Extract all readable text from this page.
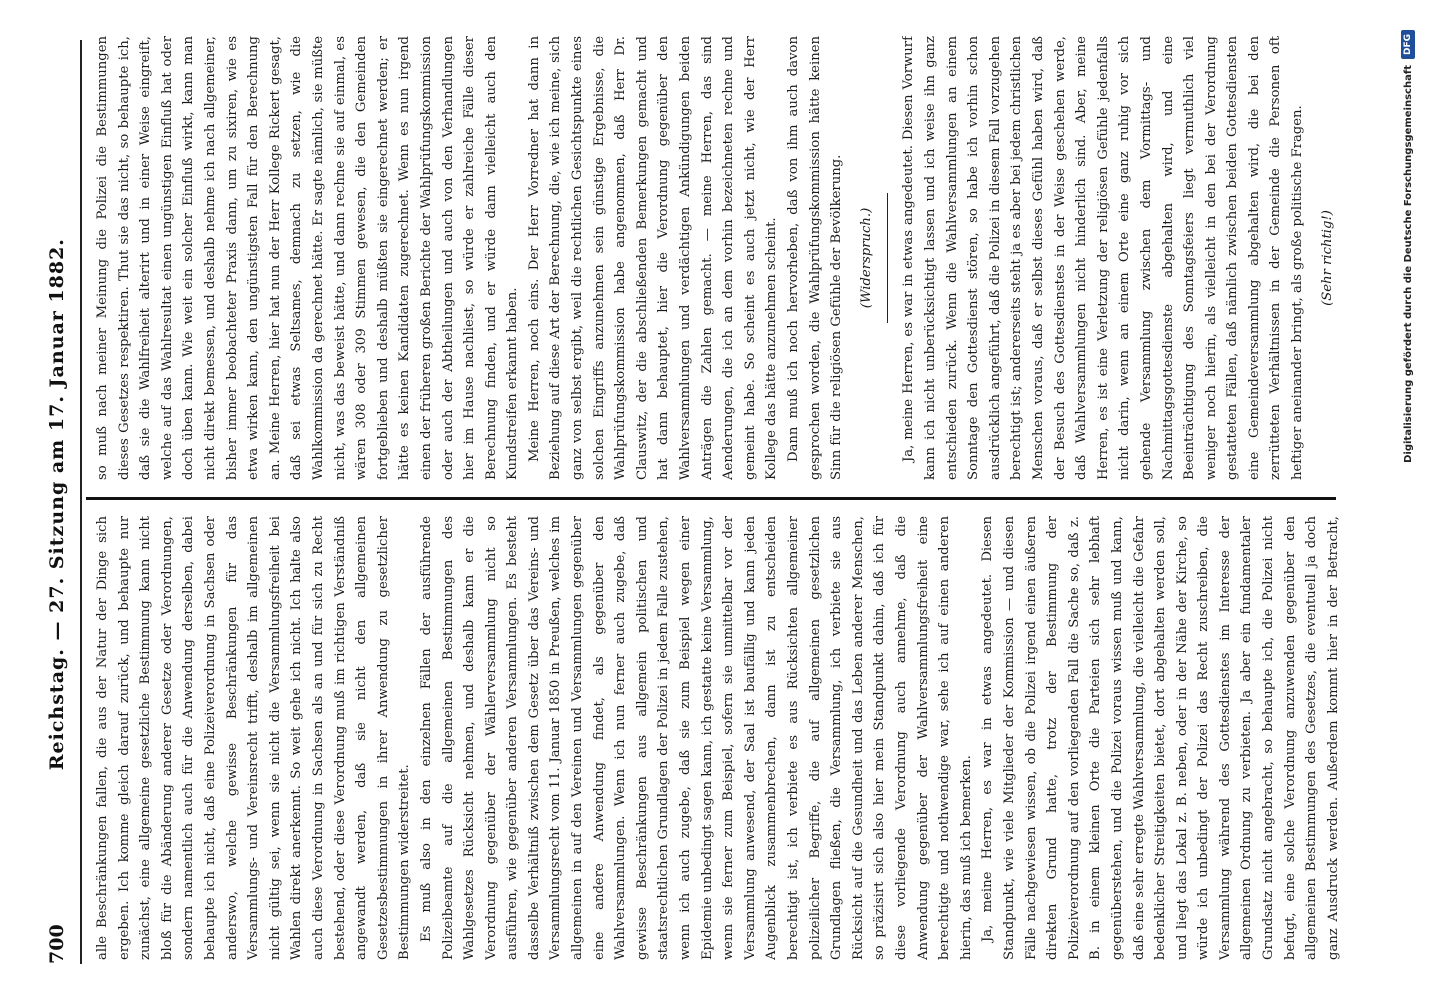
700
Reichstag. — 27. Sitzung am 17. Januar 1882. alle Beschränkungen fallen, die aus der Natur der Dinge sich ergeben. Ich komme gleich darauf zurück, und behaupte nur zunächst, eine allgemeine gesetzliche Bestimmung kann nicht bloß für die Abänderung anderer Gesetze oder Verordnungen, sondern namentlich auch für die Anwendung derselben, dabei behaupte ich nicht, daß eine Polizeiverordnung in Sachsen oder anderswo, welche gewisse Beschränkungen für das Versammlungs- und Vereinsrecht trifft, deshalb im allgemeinen nicht gültig sei, wenn sie nicht die Versammlungsfreiheit bei Wahlen direkt anerkennt. So weit gehe ich nicht. Ich halte also auch diese Verordnung in Sachsen als an und für sich zu Recht bestehend, oder diese Verordnung muß im richtigen Verständniß angewandt werden, daß sie nicht den allgemeinen Gesetzesbestimmungen in ihrer Anwendung zu gesetzlicher Bestimmungen widerstreitet. Es muß also in den einzelnen Fällen der ausführende Polizeibeamte auf die allgemeinen Bestimmungen des Wahlgesetzes Rücksicht nehmen, und deshalb kann er die Verordnung gegenüber der Wählerversammlung nicht so ausführen, wie gegenüber anderen Versammlungen. Es besteht dasselbe Verhältniß zwischen dem Gesetz über das Vereins- und Versammlungsrecht vom 11. Januar 1850 in Preußen, welches im allgemeinen in auf den Vereinen und Versammlungen gegenüber eine andere Anwendung findet, als gegenüber den Wahlversammlungen. Wenn ich nun ferner auch zugebe, daß gewisse Beschränkungen aus allgemein politischen und staatsrechtlichen Grundlagen der Polizei in jedem Falle zustehen, wenn ich auch zugebe, daß sie zum Beispiel wegen einer Epidemie unbedingt sagen kann, ich gestatte keine Versammlung, wenn sie ferner zum Beispiel, sofern sie unmittelbar vor der Versammlung anwesend, der Saal ist baufällig und kann jeden Augenblick zusammenbrechen, dann ist zu entscheiden berechtigt ist, ich verbiete es aus Rücksichten allgemeiner polizeilicher Begriffe, die auf allgemeinen gesetzlichen Grundlagen fließen, die Versammlung, ich verbiete sie aus Rücksicht auf die Gesundheit und das Leben anderer Menschen, so präzisirt sich also hier mein Standpunkt dahin, daß ich für diese vorliegende Verordnung auch annehme, daß die Anwendung gegenüber der Wahlversammlungsfreiheit eine berechtigte und nothwendige war, sehe ich auf einen anderen hierin, das muß ich bemerken. Ja, meine Herren, es war in etwas angedeutet. Diesen Standpunkt, wie viele Mitglieder der Kommission — und diesen Fälle nachgewiesen wissen, ob die Polizei irgend einen äußeren direkten Grund hatte, trotz der Bestimmung der Polizeiverordnung auf den vorliegenden Fall die Sache so, daß z. B. in einem kleinen Orte die Parteien sich sehr lebhaft gegenüberstehen, und die Polizei voraus wissen muß und kann, daß eine sehr erregte Wahlversammlung, die vielleicht die Gefahr bedenklicher Streitigkeiten bietet, dort abgehalten werden soll, und liegt das Lokal z. B. neben, oder in der Nähe der Kirche, so würde ich unbedingt der Polizei das Recht zuschreiben, die Versammlung während des Gottesdienstes im Interesse der allgemeinen Ordnung zu verbieten. Ja aber ein fundamentaler Grundsatz nicht angebracht, so behaupte ich, die Polizei nicht befugt, eine solche Verordnung anzuwenden gegenüber den allgemeinen Bestimmungen des Gesetzes, die eventuell ja doch ganz Ausdruck werden. Außerdem kommt hier in der Betracht,

so muß nach meiner Meinung die Polizei die Bestimmungen dieses Gesetzes respektiren. Thut sie das nicht, so behaupte ich, daß sie die Wahlfreiheit alterirt und in einer Weise eingreift, welche auf das Wahlresultat einen ungünstigen Einfluß hat oder doch üben kann. Wie weit ein solcher Einfluß wirkt, kann man nicht direkt bemessen, und deshalb nehme ich nach allgemeiner, bisher immer beobachteter Praxis dann, um zu sixiren, wie es etwa wirken kann, den ungünstigsten Fall für den Berechnung an. Meine Herren, hier hat nun der Herr Kollege Rickert gesagt, daß sei etwas Seltsames, demnach zu setzen, wie die Wahlkommission da gerechnet hätte. Er sagte nämlich, sie müßte nicht, was das beweist hätte, und dann rechne sie auf einmal, es wären 308 oder 309 Stimmen gewesen, die den Gemeinden fortgeblieben und deshalb müßten sie eingerechnet werden; er hätte es keinen Kandidaten zugerechnet. Wenn es nun irgend einen der früheren großen Berichte der Wahlprüfungskommission oder auch der Abtheilungen und auch von den Verhandlungen hier im Hause nachliest, so würde er zahlreiche Fälle dieser Berechnung finden, und er würde dann vielleicht auch den Kundstreifen erkannt haben. Meine Herren, noch eins. Der Herr Vorredner hat dann in Beziehung auf diese Art der Berechnung, die, wie ich meine, sich ganz von selbst ergibt, weil die rechtlichen Gesichtspunkte eines solchen Eingriffs anzunehmen sein günstige Ergebnisse, die Wahlprüfungskommission habe angenommen, daß Herr Dr. Clauswitz, der die abschließenden Bemerkungen gemacht und hat dann behauptet, hier die Verordnung gegenüber den Wahlversammlungen und verdächtigen Ankündigungen beiden Anträgen die Zahlen gemacht. — meine Herren, das sind Aenderungen, die ich an dem vorhin bezeichneten rechne und gemeint habe. So scheint es auch jetzt nicht, wie der Herr Kollege das hätte anzunehmen scheint. Dann muß ich noch hervorheben, daß von ihm auch davon gesprochen worden, die Wahlprüfungskommission hätte keinen Sinn für die religiösen Gefühle der Bevölkerung. (Widerspruch.) Ja, meine Herren, es war in etwas angedeutet. Diesen Vorwurf kann ich nicht unberücksichtigt lassen und ich weise ihn ganz entschieden zurück. Wenn die Wahlversammlungen an einem Sonntage den Gottesdienst stören, so habe ich vorhin schon ausdrücklich angeführt, daß die Polizei in diesem Fall vorzugehen berechtigt ist; andererseits steht ja es aber bei jedem christlichen Menschen voraus, daß er selbst dieses Gefühl haben wird, daß der Besuch des Gottesdienstes in der Weise geschehen werde, daß Wahlversammlungen nicht hinderlich sind. Aber, meine Herren, es ist eine Verletzung der religiösen Gefühle jedenfalls nicht darin, wenn an einem Orte eine ganz ruhig vor sich gehende Versammlung zwischen dem Vormittags- und Nachmittagsgottesdienste abgehalten wird, und eine Beeinträchtigung des Sonntagsfeiers liegt vermuthlich viel weniger noch hierin, als vielleicht in den bei der Verordnung gestatteten Fällen, daß nämlich zwischen beiden Gottesdiensten eine Gemeindeversammlung abgehalten wird, die bei den zerrütteten Verhältnissen in der Gemeinde die Personen oft heftiger aneinander bringt, als große politische Fragen. (Sehr richtig!)	Digitalisierung gefördert durch die Deutsche Forschungsgemeinschaft
DFG
